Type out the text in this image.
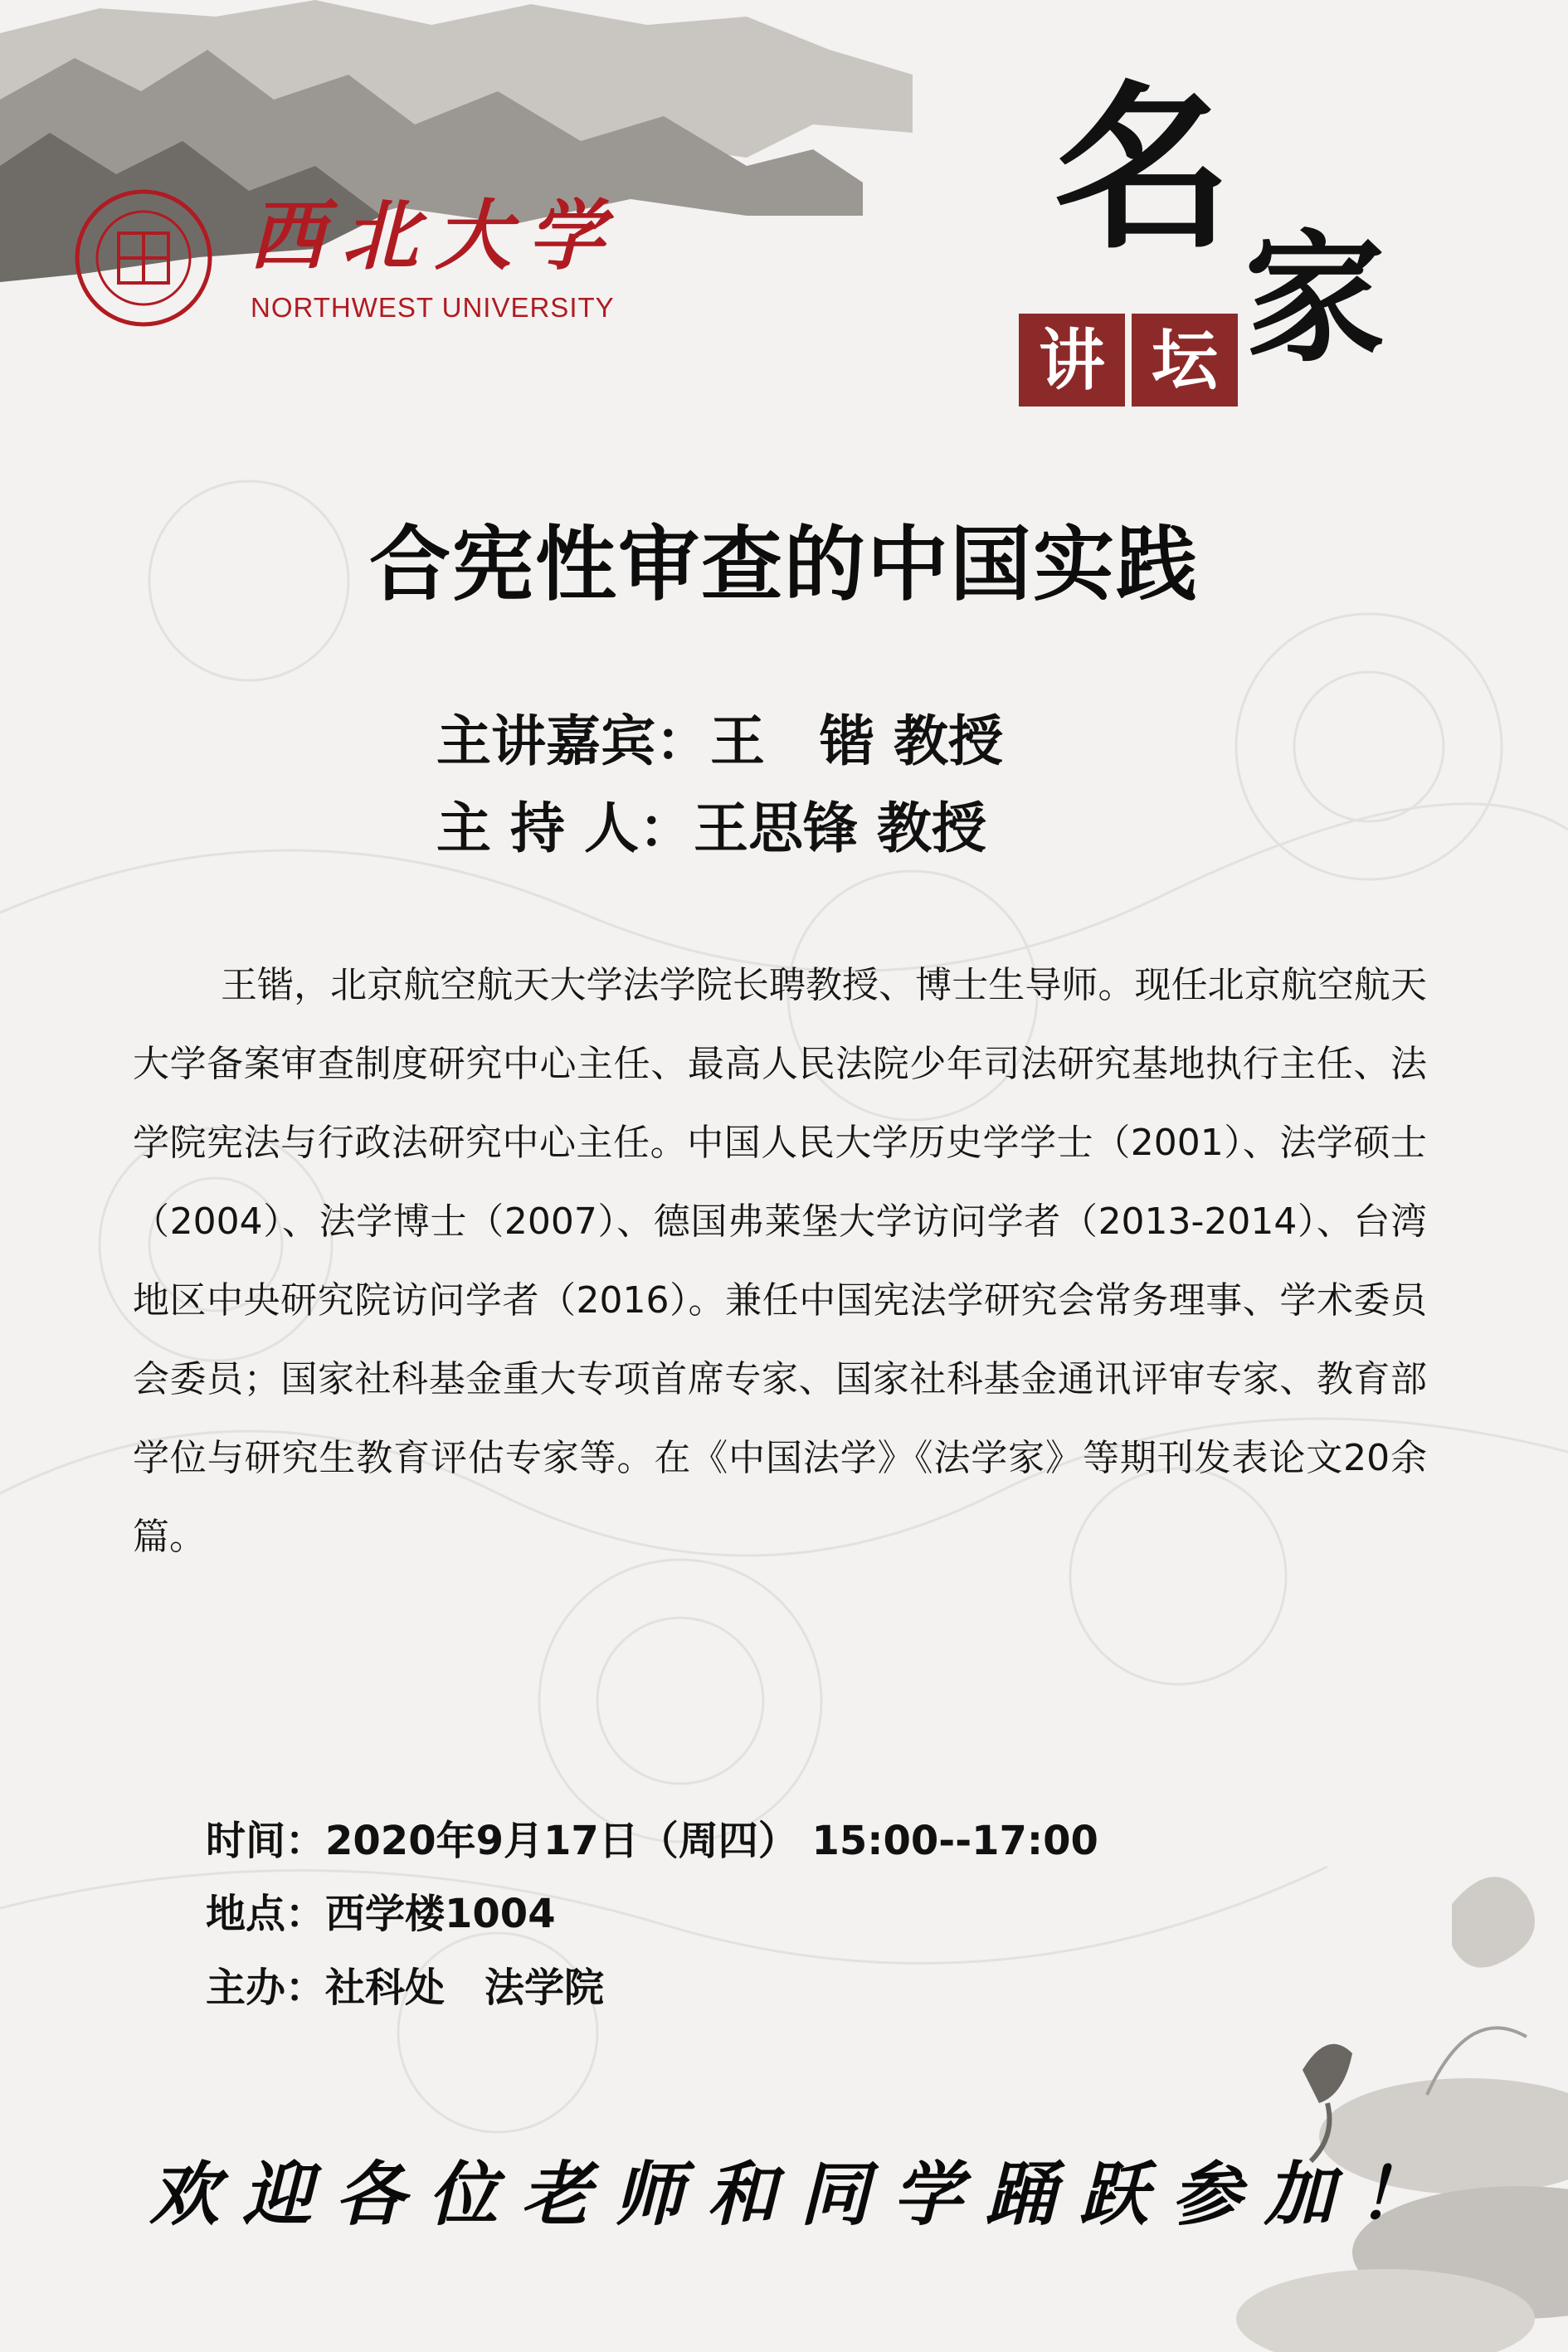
西北大学
NORTHWEST UNIVERSITY
名
家
讲 坛
合宪性审查的中国实践
主讲嘉宾：王　锴 教授
主 持 人：王思锋 教授

王锴，北京航空航天大学法学院长聘教授、博士生导师。现任北京航空航天大学备案审查制度研究中心主任、最高人民法院少年司法研究基地执行主任、法学院宪法与行政法研究中心主任。中国人民大学历史学学士（2001）、法学硕士（2004）、法学博士（2007）、德国弗莱堡大学访问学者（2013-2014）、台湾地区中央研究院访问学者（2016）。兼任中国宪法学研究会常务理事、学术委员会委员；国家社科基金重大专项首席专家、国家社科基金通讯评审专家、教育部学位与研究生教育评估专家等。在《中国法学》《法学家》等期刊发表论文20余篇。

时间：2020年9月17日（周四） 15:00--17:00
地点：西学楼1004
主办：社科处　法学院
欢迎各位老师和同学踊跃参加！
